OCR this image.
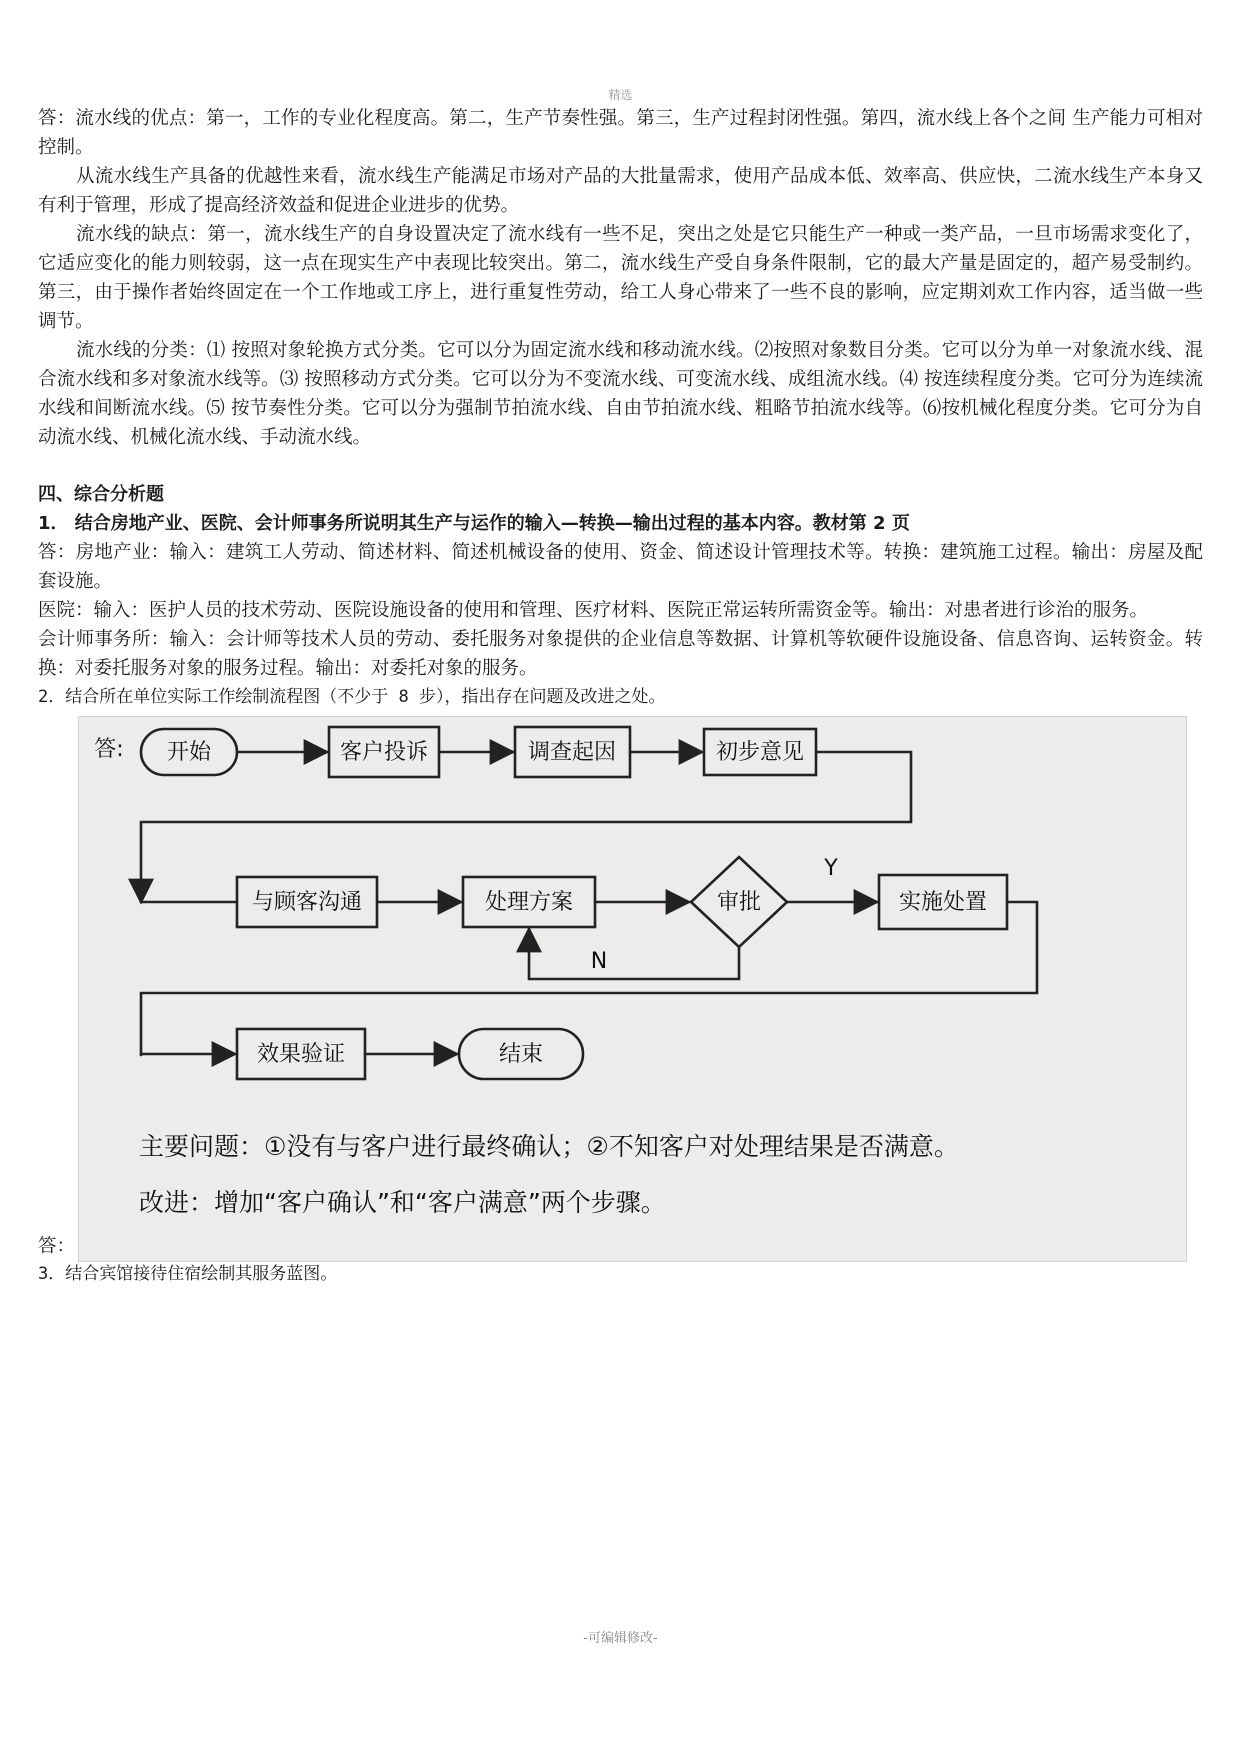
精选

答：流水线的优点：第一，工作的专业化程度高。第二，生产节奏性强。第三，生产过程封闭性强。第四，流水线上各个之间 生产能力可相对控制。

从流水线生产具备的优越性来看，流水线生产能满足市场对产品的大批量需求，使用产品成本低、效率高、供应快，二流水线生产本身又有利于管理，形成了提高经济效益和促进企业进步的优势。

流水线的缺点：第一，流水线生产的自身设置决定了流水线有一些不足，突出之处是它只能生产一种或一类产品，一旦市场需求变化了，它适应变化的能力则较弱，这一点在现实生产中表现比较突出。第二，流水线生产受自身条件限制，它的最大产量是固定的，超产易受制约。第三，由于操作者始终固定在一个工作地或工序上，进行重复性劳动，给工人身心带来了一些不良的影响，应定期刘欢工作内容，适当做一些调节。

流水线的分类：⑴ 按照对象轮换方式分类。它可以分为固定流水线和移动流水线。⑵按照对象数目分类。它可以分为单一对象流水线、混合流水线和多对象流水线等。⑶ 按照移动方式分类。它可以分为不变流水线、可变流水线、成组流水线。⑷ 按连续程度分类。它可分为连续流水线和间断流水线。⑸ 按节奏性分类。它可以分为强制节拍流水线、自由节拍流水线、粗略节拍流水线等。⑹按机械化程度分类。它可分为自动流水线、机械化流水线、手动流水线。

四、综合分析题

1． 结合房地产业、医院、会计师事务所说明其生产与运作的输入—转换—输出过程的基本内容。教材第 2 页

答：房地产业：输入：建筑工人劳动、简述材料、简述机械设备的使用、资金、简述设计管理技术等。转换：建筑施工过程。输出：房屋及配套设施。

医院：输入：医护人员的技术劳动、医院设施设备的使用和管理、医疗材料、医院正常运转所需资金等。输出：对患者进行诊治的服务。

会计师事务所：输入：会计师等技术人员的劳动、委托服务对象提供的企业信息等数据、计算机等软硬件设施设备、信息咨询、运转资金。转换：对委托服务对象的服务过程。输出：对委托对象的服务。

2．结合所在单位实际工作绘制流程图（不少于 8 步），指出存在问题及改进之处。

答：
答: 开始	客户投诉	调查起因	初步意见
与顾客沟通	处理方案	审批	实施处置
Y
N
效果验证	结束
主要问题：①没有与客户进行最终确认；②不知客户对处理结果是否满意。
改进：增加“客户确认”和“客户满意”两个步骤。

3．结合宾馆接待住宿绘制其服务蓝图。

-可编辑修改-
